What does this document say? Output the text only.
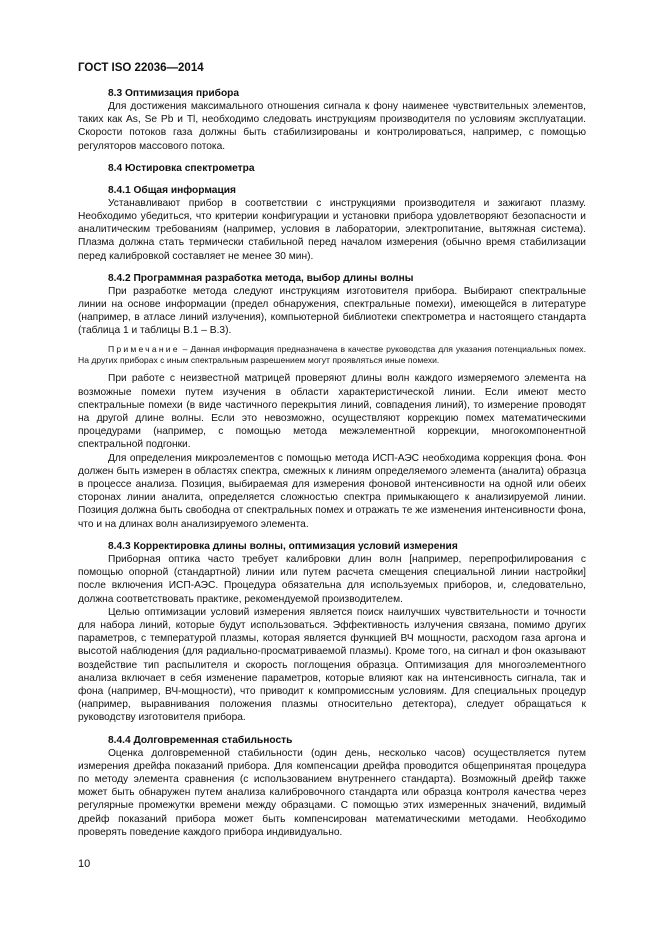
ГОСТ ISO 22036—2014
8.3 Оптимизация прибора

Для достижения максимального отношения сигнала к фону наименее чувствительных элементов, таких как As, Se Pb и Tl, необходимо следовать инструкциям производителя по условиям эксплуатации. Скорости потоков газа должны быть стабилизированы и контролироваться, например, с помощью регуляторов массового потока.

8.4 Юстировка спектрометра
8.4.1 Общая информация

Устанавливают прибор в соответствии с инструкциями производителя и зажигают плазму. Необходимо убедиться, что критерии конфигурации и установки прибора удовлетворяют безопасности и аналитическим требованиям (например, условия в лаборатории, электропитание, вытяжная система). Плазма должна стать термически стабильной перед началом измерения (обычно время стабилизации перед калибровкой составляет не менее 30 мин).

8.4.2 Программная разработка метода, выбор длины волны

При разработке метода следуют инструкциям изготовителя прибора. Выбирают спектральные линии на основе информации (предел обнаружения, спектральные помехи), имеющейся в литературе (например, в атласе линий излучения), компьютерной библиотеки спектрометра и настоящего стандарта (таблица 1 и таблицы В.1 – В.3).

Примечание – Данная информация предназначена в качестве руководства для указания потенциальных помех. На других приборах с иным спектральным разрешением могут проявляться иные помехи.

При работе с неизвестной матрицей проверяют длины волн каждого измеряемого элемента на возможные помехи путем изучения в области характеристической линии. Если имеют место спектральные помехи (в виде частичного перекрытия линий, совпадения линий), то измерение проводят на другой длине волны. Если это невозможно, осуществляют коррекцию помех математическими процедурами (например, с помощью метода межэлементной коррекции, многокомпонентной спектральной подгонки.

Для определения микроэлементов с помощью метода ИСП-АЭС необходима коррекция фона. Фон должен быть измерен в областях спектра, смежных к линиям определяемого элемента (аналита) образца в процессе анализа. Позиция, выбираемая для измерения фоновой интенсивности на одной или обеих сторонах линии аналита, определяется сложностью спектра примыкающего к анализируемой линии. Позиция должна быть свободна от спектральных помех и отражать те же изменения интенсивности фона, что и на длинах волн анализируемого элемента.

8.4.3 Корректировка длины волны, оптимизация условий измерения

Приборная оптика часто требует калибровки длин волн [например, перепрофилирования с помощью опорной (стандартной) линии или путем расчета смещения специальной линии настройки] после включения ИСП-АЭС. Процедура обязательна для используемых приборов, и, следовательно, должна соответствовать практике, рекомендуемой производителем.

Целью оптимизации условий измерения является поиск наилучших чувствительности и точности для набора линий, которые будут использоваться. Эффективность излучения связана, помимо других параметров, с температурой плазмы, которая является функцией ВЧ мощности, расходом газа аргона и высотой наблюдения (для радиально-просматриваемой плазмы). Кроме того, на сигнал и фон оказывают воздействие тип распылителя и скорость поглощения образца. Оптимизация для многоэлементного анализа включает в себя изменение параметров, которые влияют как на интенсивность сигнала, так и фона (например, ВЧ-мощности), что приводит к компромиссным условиям. Для специальных процедур (например, выравнивания положения плазмы относительно детектора), следует обращаться к руководству изготовителя прибора.

8.4.4 Долговременная стабильность

Оценка долговременной стабильности (один день, несколько часов) осуществляется путем измерения дрейфа показаний прибора. Для компенсации дрейфа проводится общепринятая процедура по методу элемента сравнения (с использованием внутреннего стандарта). Возможный дрейф также может быть обнаружен путем анализа калибровочного стандарта или образца контроля качества через регулярные промежутки времени между образцами. С помощью этих измеренных значений, видимый дрейф показаний прибора может быть компенсирован математическими методами. Необходимо проверять поведение каждого прибора индивидуально.

10
